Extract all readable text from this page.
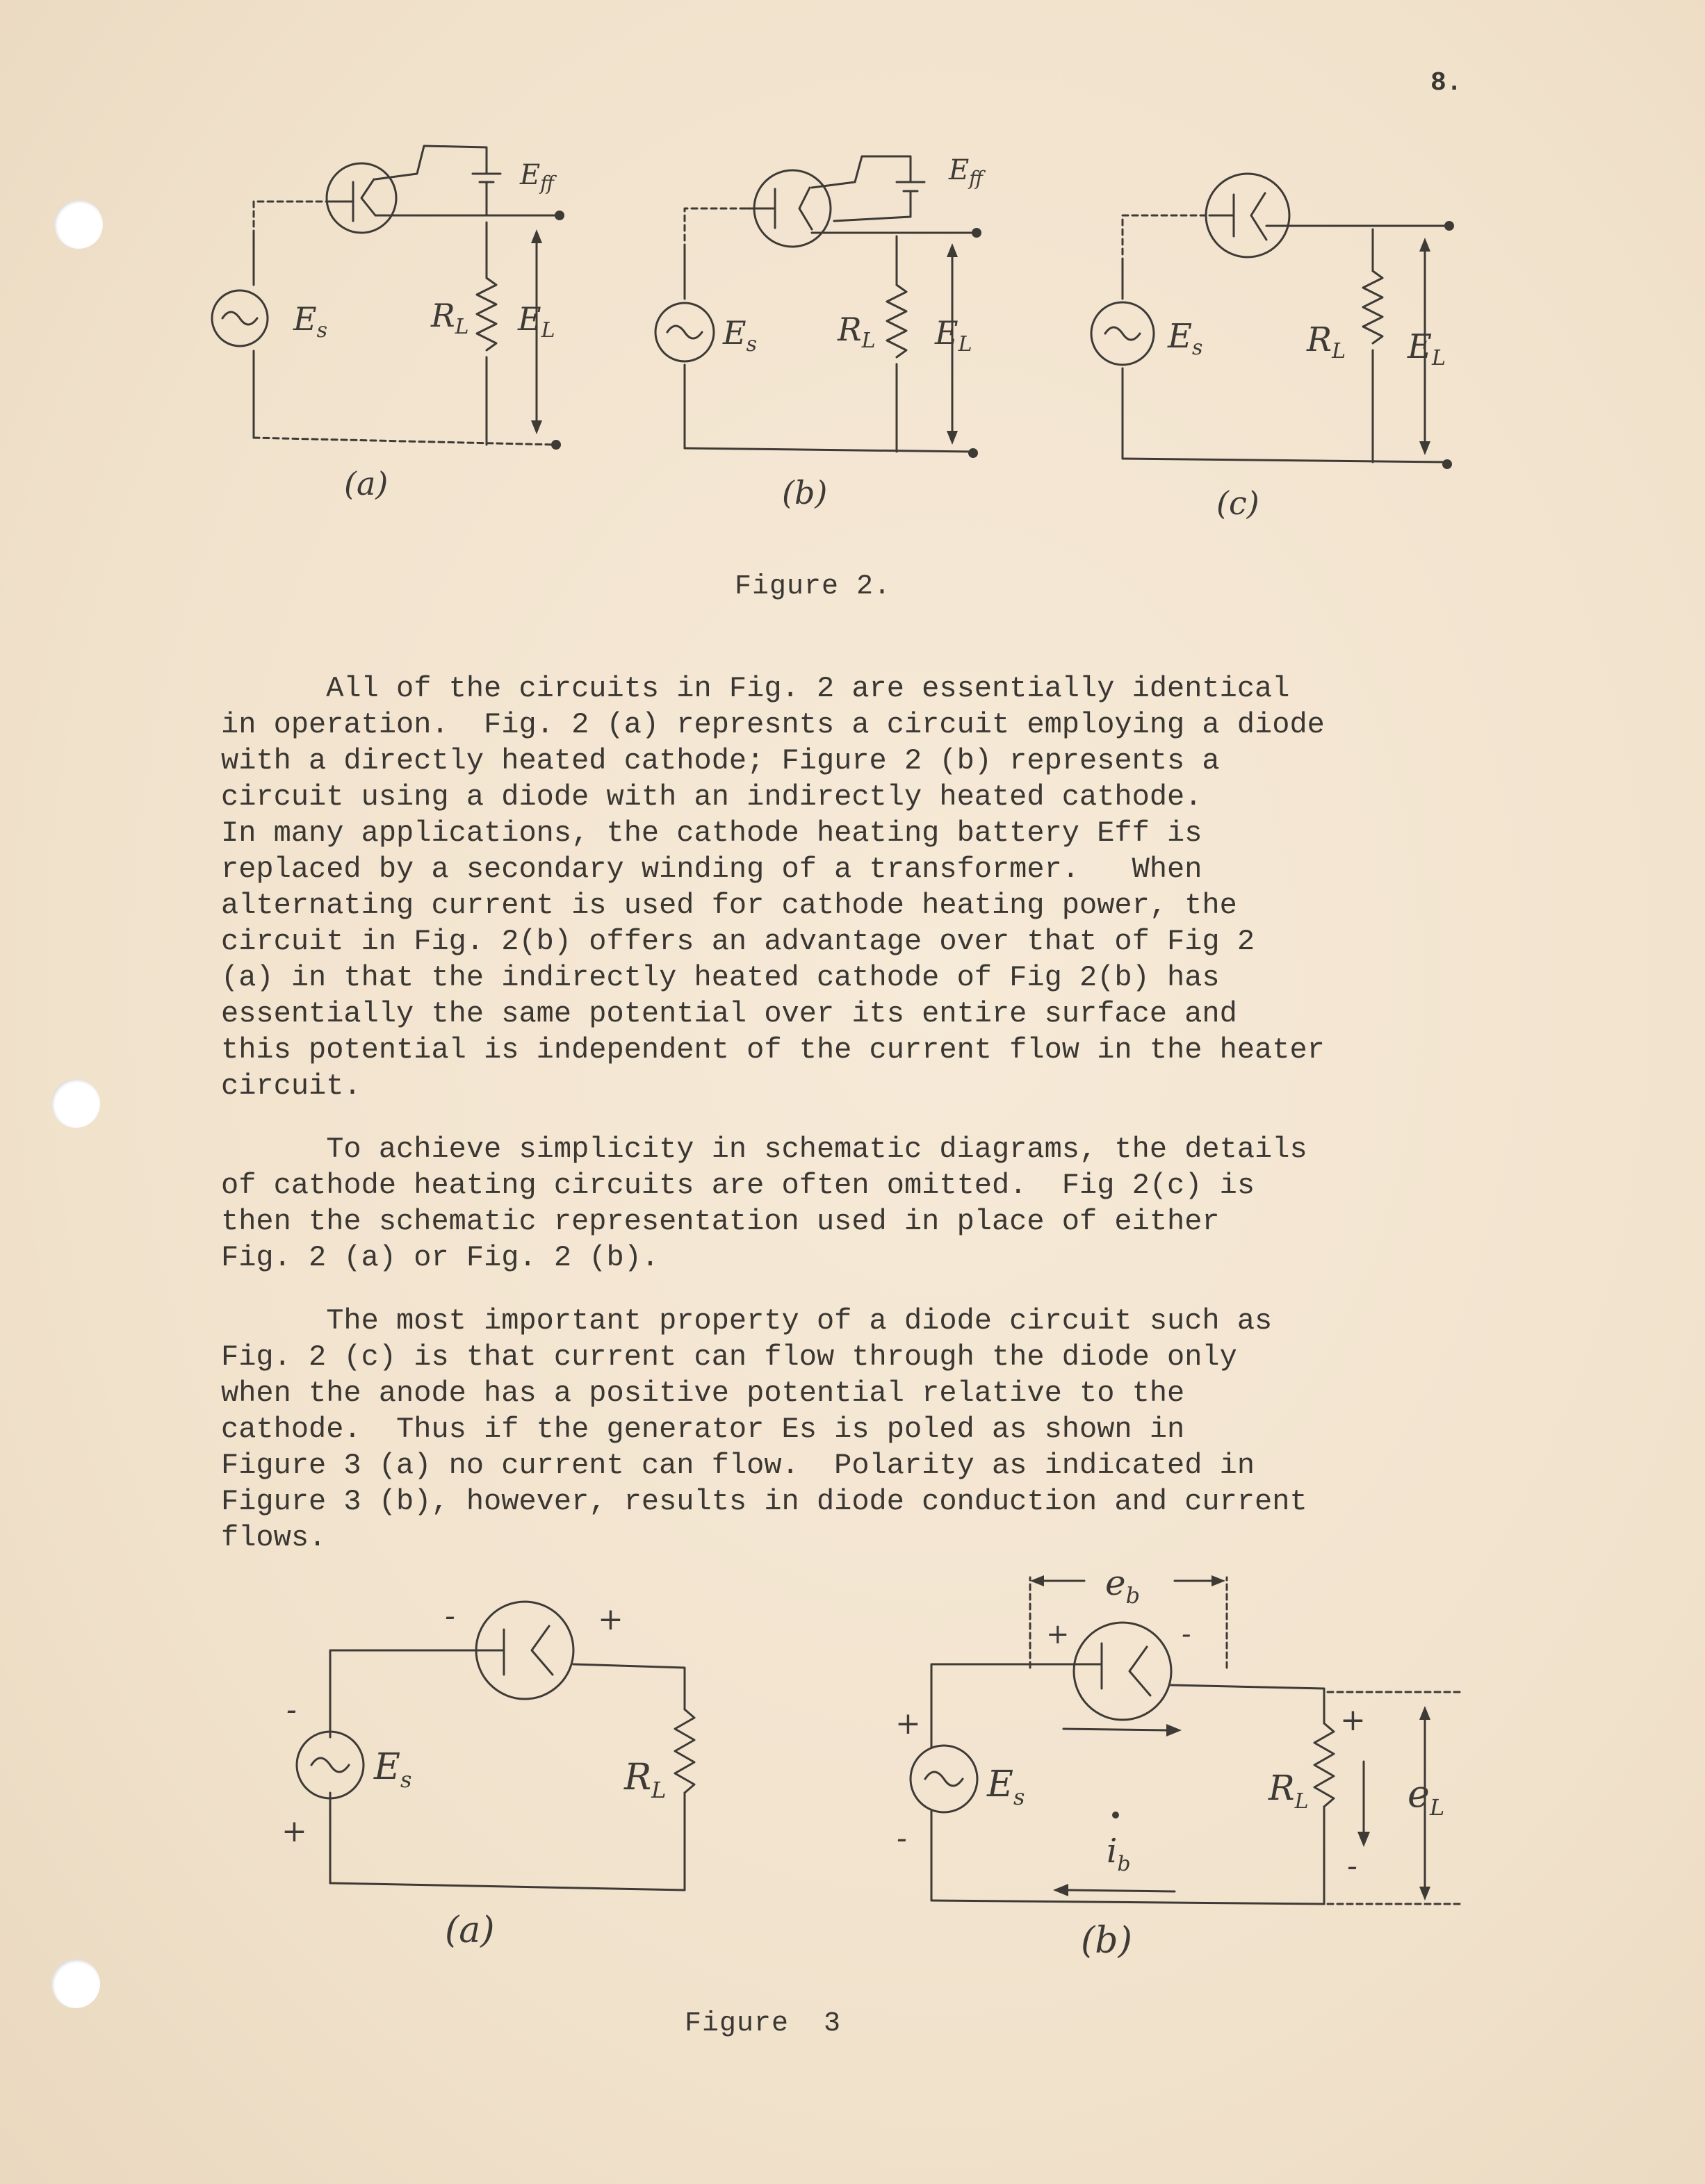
8.
$E_s$	$R_L$ $E_L$
$E_{ff}$
(a)
$E_s$	$R_L$ $E_L$
$E_{ff}$
(b)
$E_s$	$R_L$ $E_L$
(c)
Figure 2.
All of the circuits in Fig. 2 are essentially identical
in operation.  Fig. 2 (a) represnts a circuit employing a diode
with a directly heated cathode; Figure 2 (b) represents a
circuit using a diode with an indirectly heated cathode.
In many applications, the cathode heating battery Eff is
replaced by a secondary winding of a transformer.   When
alternating current is used for cathode heating power, the
circuit in Fig. 2(b) offers an advantage over that of Fig 2
(a) in that the indirectly heated cathode of Fig 2(b) has
essentially the same potential over its entire surface and
this potential is independent of the current flow in the heater
circuit.
To achieve simplicity in schematic diagrams, the details
of cathode heating circuits are often omitted.  Fig 2(c) is
then the schematic representation used in place of either
Fig. 2 (a) or Fig. 2 (b).
The most important property of a diode circuit such as
Fig. 2 (c) is that current can flow through the diode only
when the anode has a positive potential relative to the
cathode.  Thus if the generator Es is poled as shown in
Figure 3 (a) no current can flow.  Polarity as indicated in
Figure 3 (b), however, results in diode conduction and current
flows.
-	+
-
+
$E_s$	$R_L$
(a)
$e_b$
+	-
+
-
$E_s$
$i_b$
$R_L$
+
-
$e_L$
(b)
Figure  3
